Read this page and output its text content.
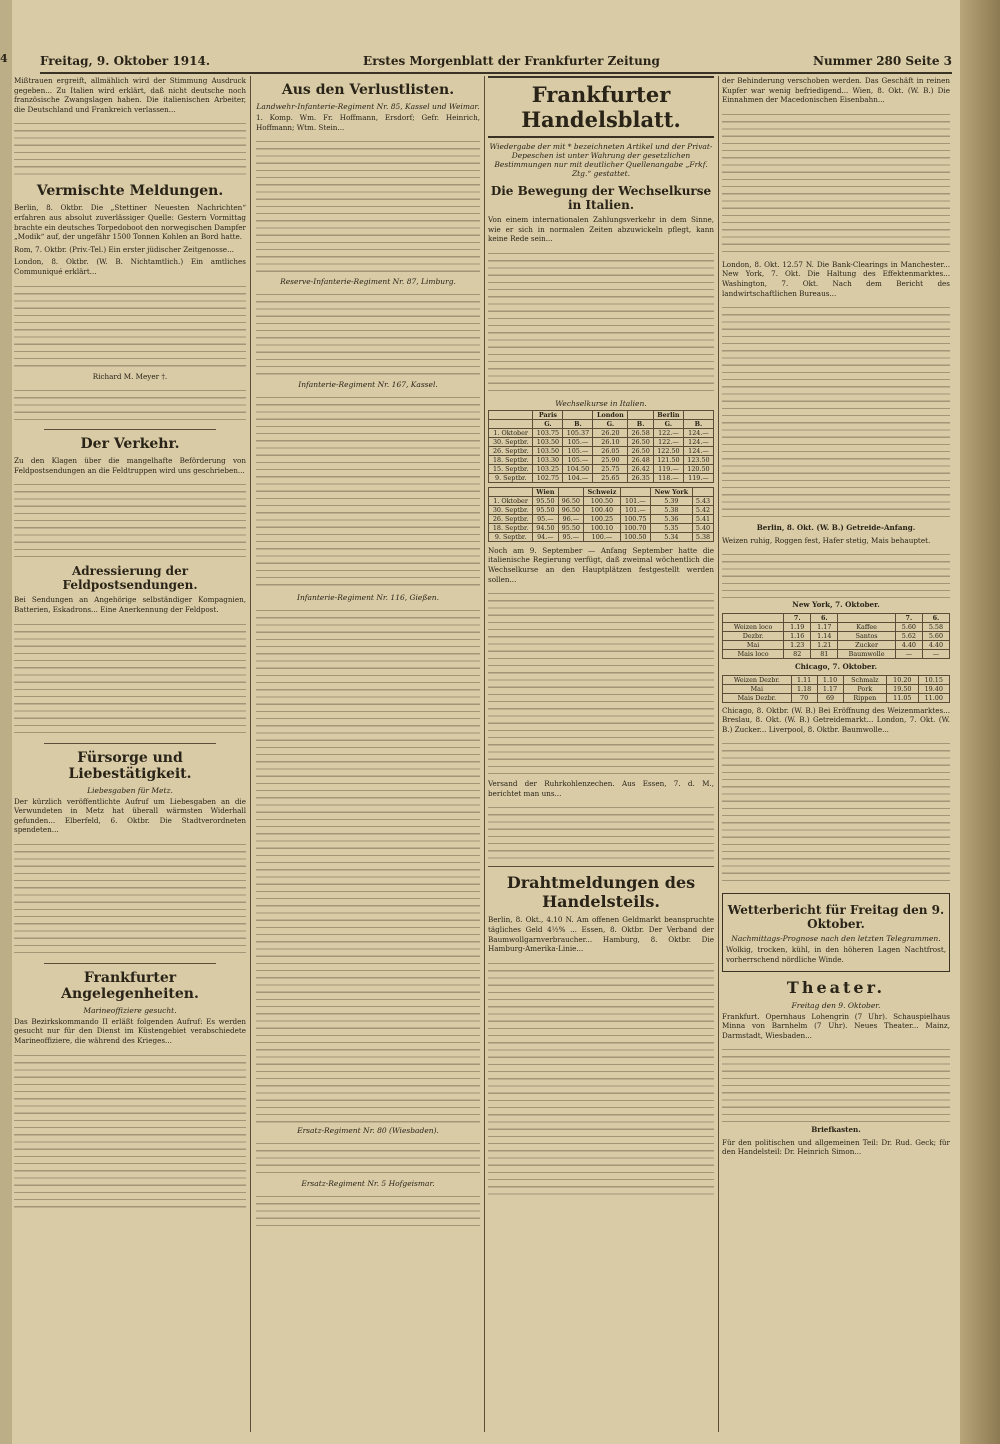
4	Freitag, 9. Oktober 1914.	Erstes Morgenblatt der Frankfurter Zeitung	Nummer 280 Seite 3

Mißtrauen ergreift, allmählich wird der Stimmung Ausdruck gegeben... Zu Italien wird erklärt, daß nicht deutsche noch französische Zwangslagen haben. Die italienischen Arbeiter, die Deutschland und Frankreich verlassen...

Vermischte Meldungen.

Berlin, 8. Oktbr. Die „Stettiner Neuesten Nachrichten“ erfahren aus absolut zuverlässiger Quelle: Gestern Vormittag brachte ein deutsches Torpedoboot den norwegischen Dampfer „Modik“ auf, der ungefähr 1500 Tonnen Kohlen an Bord hatte.

Rom, 7. Oktbr. (Priv.-Tel.) Ein erster jüdischer Zeitgenosse...

London, 8. Oktbr. (W. B. Nichtamtlich.) Ein amtliches Communiqué erklärt...

Richard M. Meyer †.

Der Verkehr.

Zu den Klagen über die mangelhafte Beförderung von Feldpostsendungen an die Feldtruppen wird uns geschrieben...

Adressierung der Feldpostsendungen.

Bei Sendungen an Angehörige selbständiger Kompagnien, Batterien, Eskadrons... Eine Anerkennung der Feldpost.

Fürsorge und Liebestätigkeit.

Liebesgaben für Metz.

Der kürzlich veröffentlichte Aufruf um Liebesgaben an die Verwundeten in Metz hat überall wärmsten Widerhall gefunden... Elberfeld, 6. Oktbr. Die Stadtverordneten spendeten...

Frankfurter Angelegenheiten.

Marineoffiziere gesucht.

Das Bezirkskommando II erläßt folgenden Aufruf: Es werden gesucht nur für den Dienst im Küstengebiet verabschiedete Marineoffiziere, die während des Krieges...

Aus den Verlustlisten.

Landwehr-Infanterie-Regiment Nr. 85, Kassel und Weimar.

1. Komp. Wm. Fr. Hoffmann, Ersdorf; Gefr. Heinrich, Hoffmann; Wtm. Stein...

Reserve-Infanterie-Regiment Nr. 87, Limburg.

Infanterie-Regiment Nr. 167, Kassel.

Infanterie-Regiment Nr. 116, Gießen.

Ersatz-Regiment Nr. 80 (Wiesbaden).

Ersatz-Regiment Nr. 5 Hofgeismar.

Frankfurter Handelsblatt.

Wiedergabe der mit * bezeichneten Artikel und der Privat-Depeschen ist unter Wahrung der gesetzlichen Bestimmungen nur mit deutlicher Quellenangabe „Frkf. Ztg.“ gestattet.

Die Bewegung der Wechselkurse in Italien.

Von einem internationalen Zahlungsverkehr in dem Sinne, wie er sich in normalen Zeiten abzuwickeln pflegt, kann keine Rede sein...

Wechselkurse in Italien.

	Paris		London		Berlin	
	G.	B.	G.	B.	G.	B.
1. Oktober	103.75	105.37	26.20	26.58	122.—	124.—
30. Septbr.	103.50	105.—	26.10	26.50	122.—	124.—
26. Septbr.	103.50	105.—	26.05	26.50	122.50	124.—
18. Septbr.	103.30	105.—	25.90	26.48	121.50	123.50
15. Septbr.	103.25	104.50	25.75	26.42	119.—	120.50
9. Septbr.	102.75	104.—	25.65	26.35	118.—	119.—
	Wien		Schweiz		New York	
1. Oktober	95.50	96.50	100.50	101.—	5.39	5.43
30. Septbr.	95.50	96.50	100.40	101.—	5.38	5.42
26. Septbr.	95.—	96.—	100.25	100.75	5.36	5.41
18. Septbr.	94.50	95.50	100.10	100.70	5.35	5.40
9. Septbr.	94.—	95.—	100.—	100.50	5.34	5.38

Noch am 9. September — Anfang September hatte die italienische Regierung verfügt, daß zweimal wöchentlich die Wechselkurse an den Hauptplätzen festgestellt werden sollen...

Versand der Ruhrkohlenzechen. Aus Essen, 7. d. M., berichtet man uns...

Drahtmeldungen des Handelsteils.

Berlin, 8. Okt., 4.10 N. Am offenen Geldmarkt beanspruchte tägliches Geld 4½% ... Essen, 8. Oktbr. Der Verband der Baumwollgarnverbraucher... Hamburg, 8. Oktbr. Die Hamburg-Amerika-Linie...

der Behinderung verschoben werden. Das Geschäft in reinen Kupfer war wenig befriedigend... Wien, 8. Okt. (W. B.) Die Einnahmen der Macedonischen Eisenbahn...

London, 8. Okt. 12.57 N. Die Bank-Clearings in Manchester... New York, 7. Okt. Die Haltung des Effektenmarktes... Washington, 7. Okt. Nach dem Bericht des landwirtschaftlichen Bureaus...

Berlin, 8. Okt. (W. B.) Getreide-Anfang.

Weizen ruhig, Roggen fest, Hafer stetig, Mais behauptet.

New York, 7. Oktober.

	7.	6.		7.	6.
Weizen loco	1.19	1.17	Kaffee	5.60	5.58
Dezbr.	1.16	1.14	Santos	5.62	5.60
Mai	1.23	1.21	Zucker	4.40	4.40
Mais loco	82	81	Baumwolle	—	—

Chicago, 7. Oktober.

Weizen Dezbr.	1.11	1.10	Schmalz	10.20	10.15
Mai	1.18	1.17	Pork	19.50	19.40
Mais Dezbr.	70	69	Rippen	11.05	11.00

Chicago, 8. Oktbr. (W. B.) Bei Eröffnung des Weizenmarktes... Breslau, 8. Okt. (W. B.) Getreidemarkt... London, 7. Okt. (W. B.) Zucker... Liverpool, 8. Oktbr. Baumwolle...

Wetterbericht für Freitag den 9. Oktober.

Nachmittags-Prognose nach den letzten Telegrammen.

Wolkig, trocken, kühl, in den höheren Lagen Nachtfrost, vorherrschend nördliche Winde.

Theater.

Freitag den 9. Oktober.

Frankfurt. Opernhaus Lohengrin (7 Uhr). Schauspielhaus Minna von Barnhelm (7 Uhr). Neues Theater... Mainz, Darmstadt, Wiesbaden...

Briefkasten.

Für den politischen und allgemeinen Teil: Dr. Rud. Geck; für den Handelsteil: Dr. Heinrich Simon...
